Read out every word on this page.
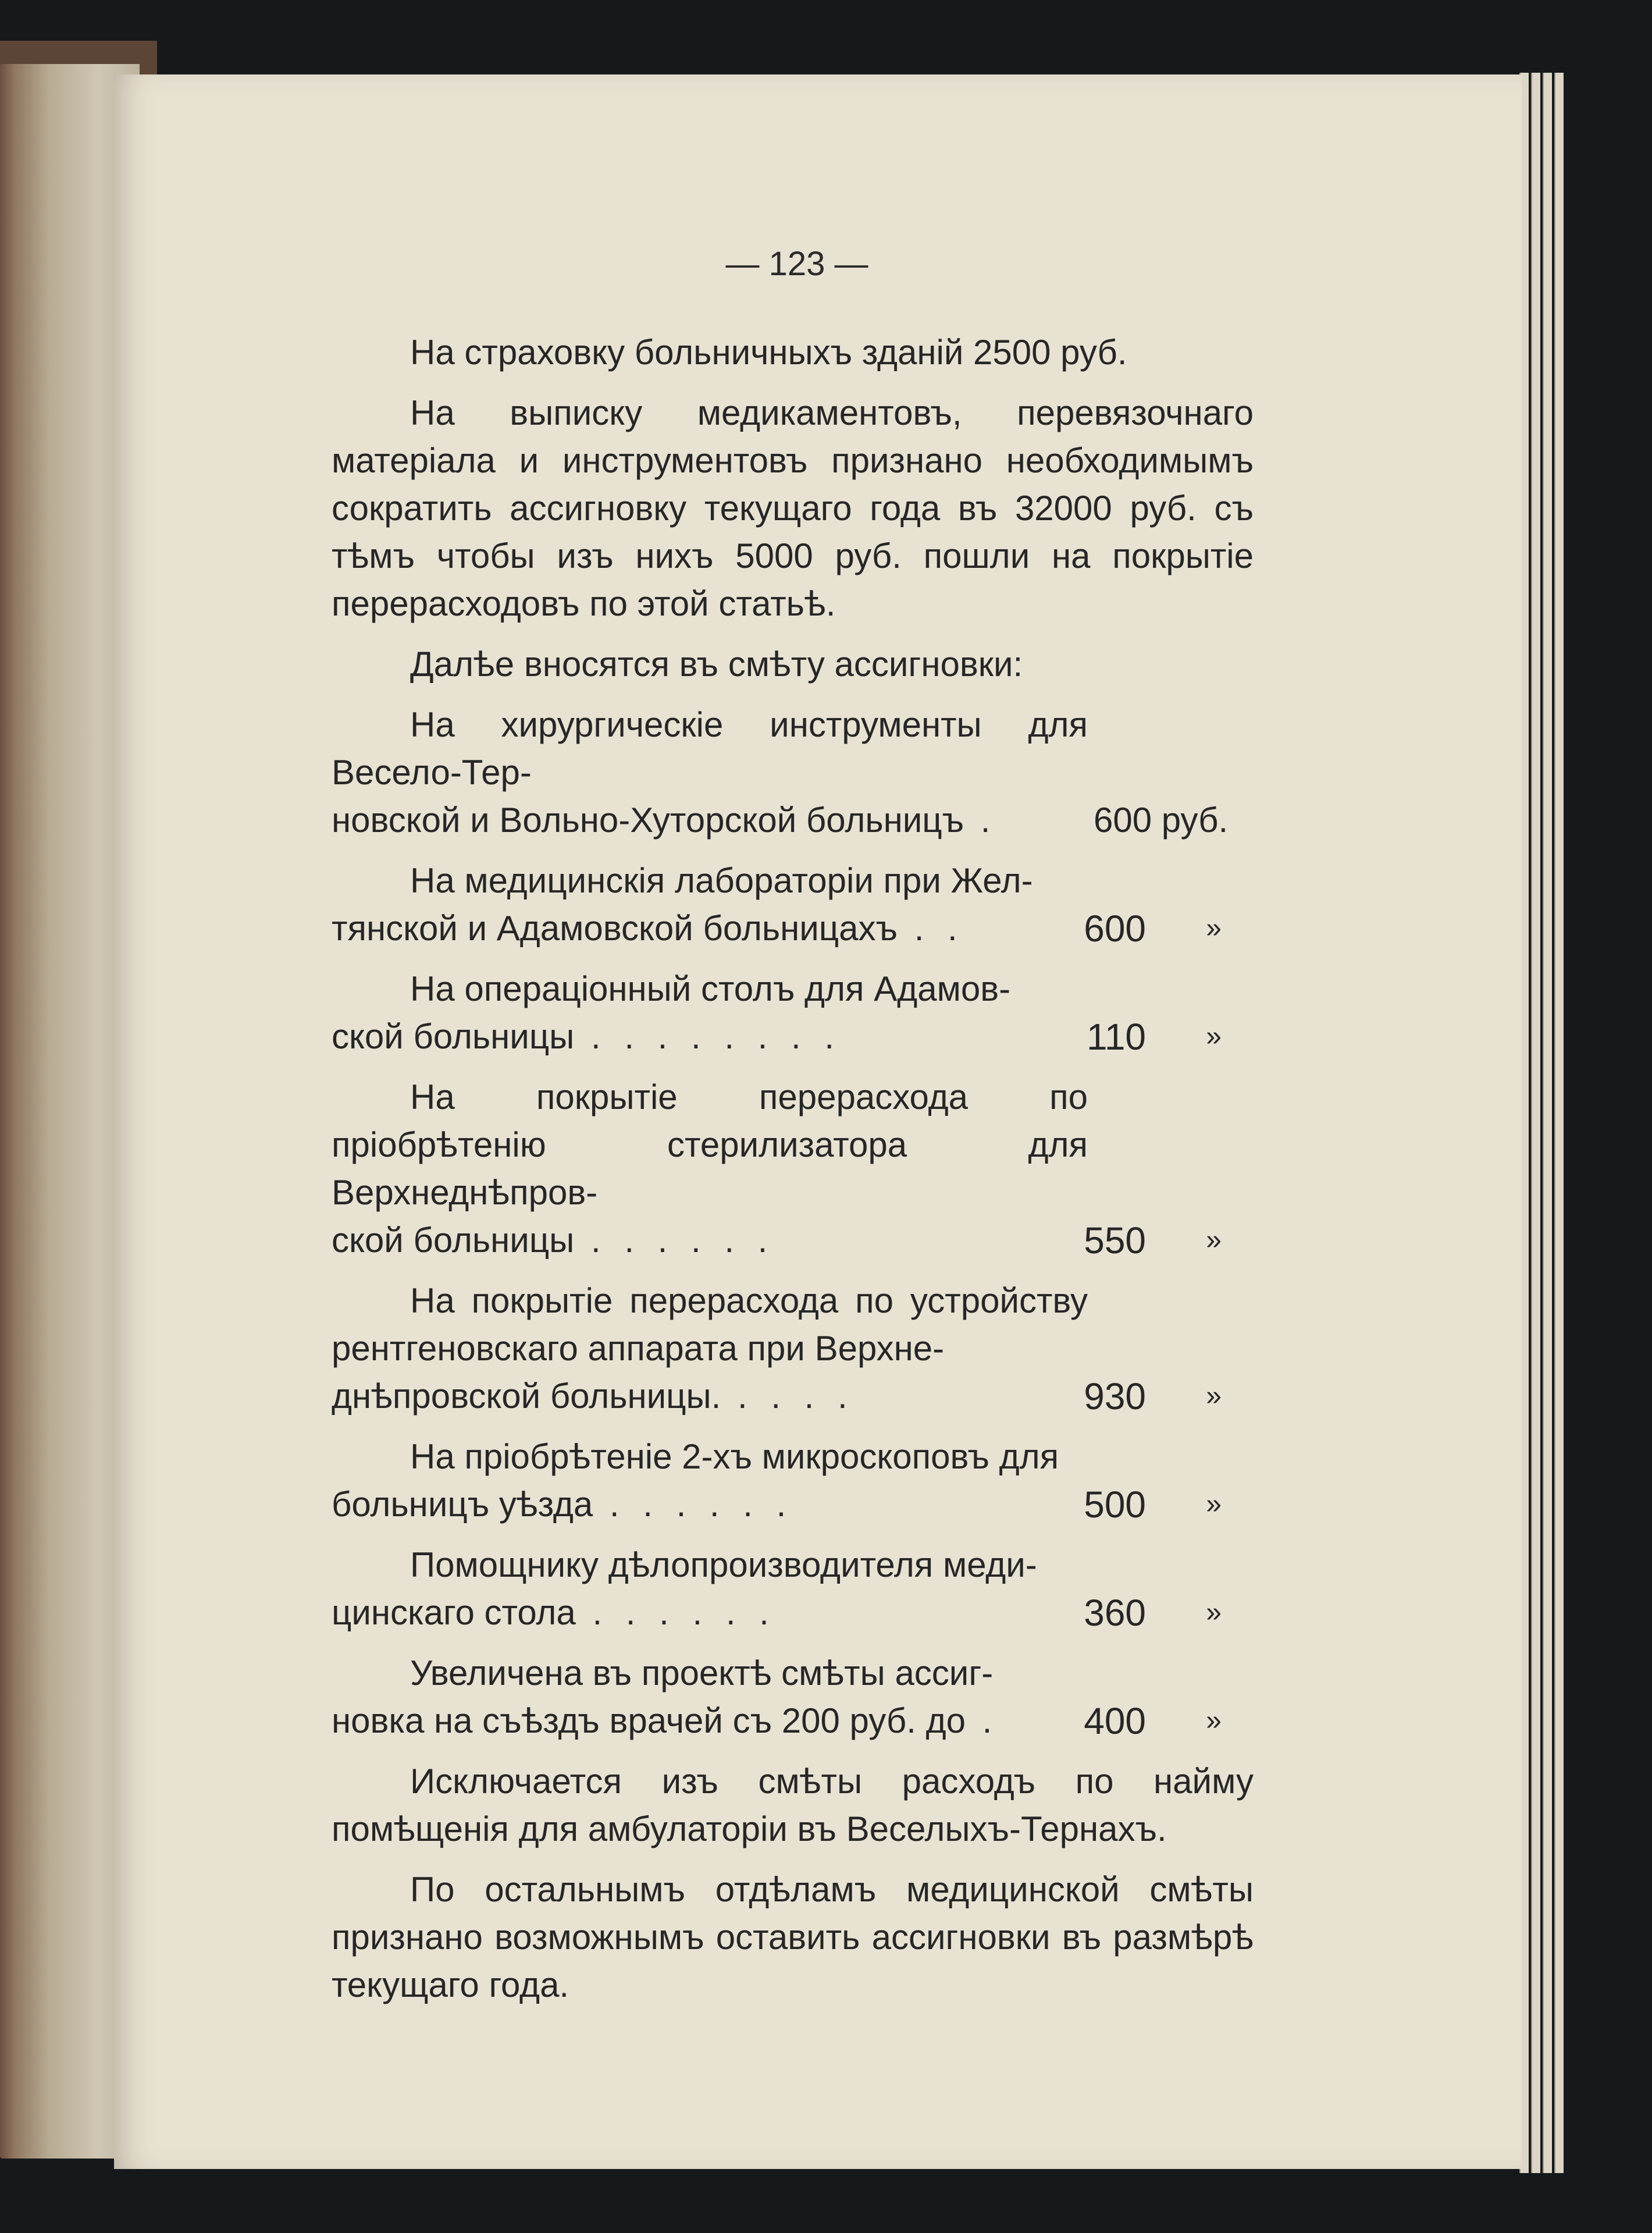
— 123 —

На страховку больничныхъ зданій 2500 руб.

На выписку медикаментовъ, перевязочнаго матеріала и инструментовъ признано необходимымъ сократить ассигновку текущаго года въ 32000 руб. съ тѣмъ чтобы изъ нихъ 5000 руб. пошли на покрытіе перерасходовъ по этой статьѣ.

Далѣе вносятся въ смѣту ассигновки:

На хирургическіе инструменты для Весело-Тер-
новской и Вольно-Хуторской больницъ .	600 руб.
На медицинскія лабораторіи при Жел-
тянской и Адамовской больницахъ . .	600 »
На операціонный столъ для Адамов-
ской больницы . . . . . . . .	110 »
На покрытіе перерасхода по пріобрѣтенію стерилизатора для Верхнеднѣпров-
ской больницы . . . . . .	550 »
На покрытіе перерасхода по устройству рентгеновскаго аппарата при Верхне-
днѣпровской больницы. . . . .	930 »
На пріобрѣтеніе 2-хъ микроскоповъ для
больницъ уѣзда . . . . . .	500 »
Помощнику дѣлопроизводителя меди-
цинскаго стола . . . . . .	360 »
Увеличена въ проектѣ смѣты ассиг-
новка на съѣздъ врачей съ 200 руб. до . 400 »

Исключается изъ смѣты расходъ по найму помѣщенія для амбулаторіи въ Веселыхъ-Тернахъ.

По остальнымъ отдѣламъ медицинской смѣты признано возможнымъ оставить ассигновки въ размѣрѣ текущаго года.
